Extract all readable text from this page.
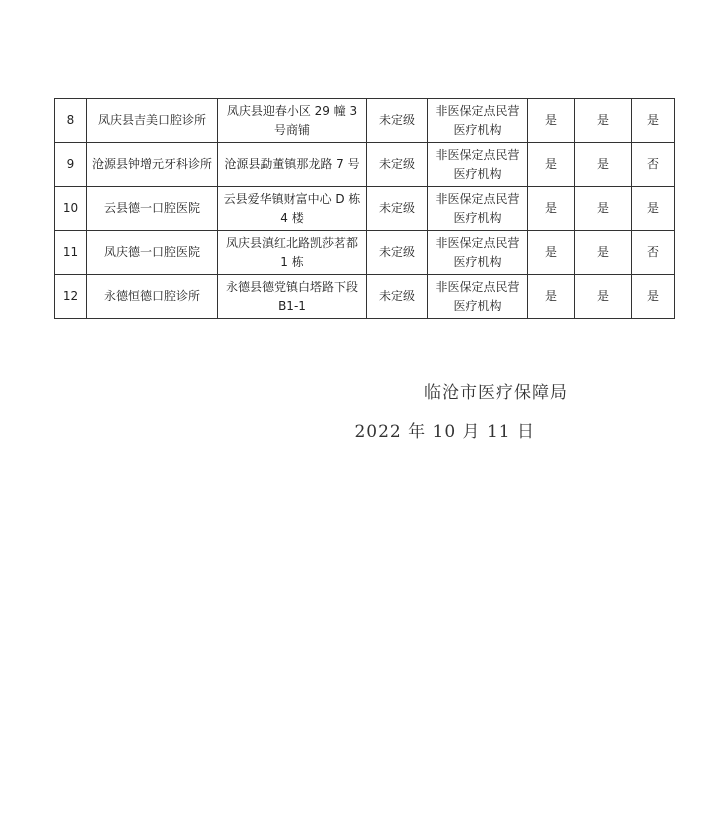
8	凤庆县吉美口腔诊所	凤庆县迎春小区 29 幢 3 号商铺	未定级	非医保定点民营医疗机构	是	是	是
9	沧源县钟增元牙科诊所	沧源县勐董镇那龙路 7 号	未定级	非医保定点民营医疗机构	是	是	否
10	云县德一口腔医院	云县爱华镇财富中心 D 栋 4 楼	未定级	非医保定点民营医疗机构	是	是	是
11	凤庆德一口腔医院	凤庆县滇红北路凯莎茗都 1 栋	未定级	非医保定点民营医疗机构	是	是	否
12	永德恒德口腔诊所	永德县德党镇白塔路下段 B1-1	未定级	非医保定点民营医疗机构	是	是	是
临沧市医疗保障局
2022 年 10 月 11 日
